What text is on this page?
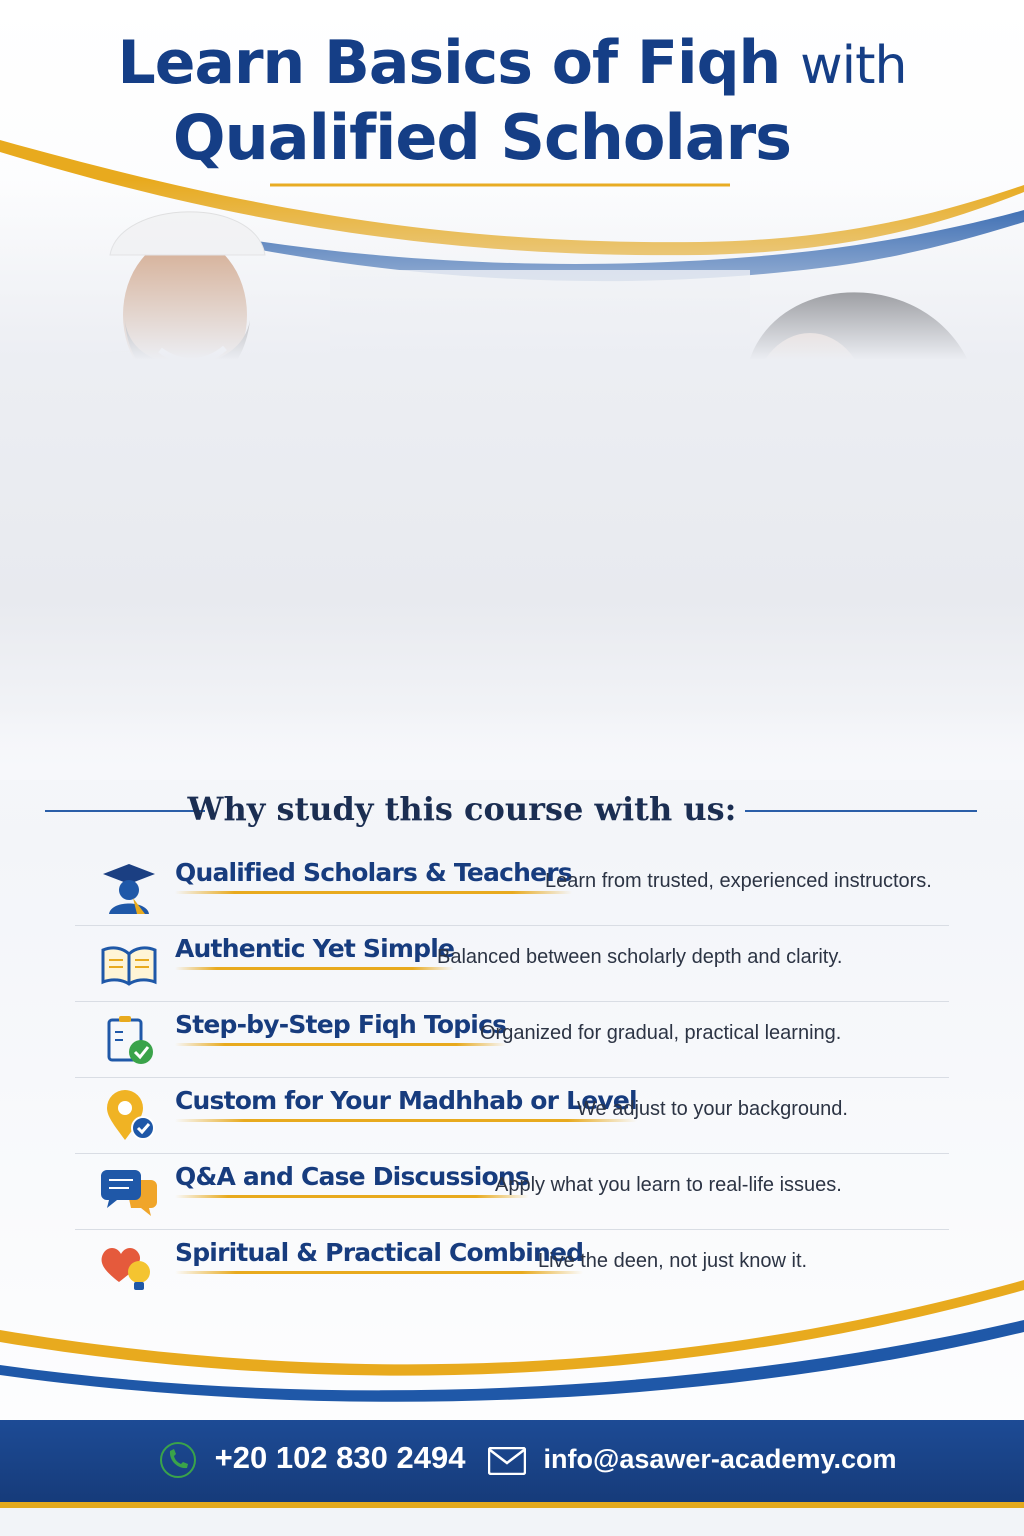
Learn Basics of Fiqh with
Qualified Scholars
Why study this course with us:
Qualified Scholars & Teachers
Learn from trusted, experienced instructors.
Authentic Yet Simple
Balanced between scholarly depth and clarity.
Step-by-Step Fiqh Topics
Organized for gradual, practical learning.
Custom for Your Madhhab or Level
We adjust to your background.
Q&A and Case Discussions
Apply what you learn to real-life issues.
Spiritual & Practical Combined
Live the deen, not just know it.
+20 102 830 2494	info@asawer-academy.com
